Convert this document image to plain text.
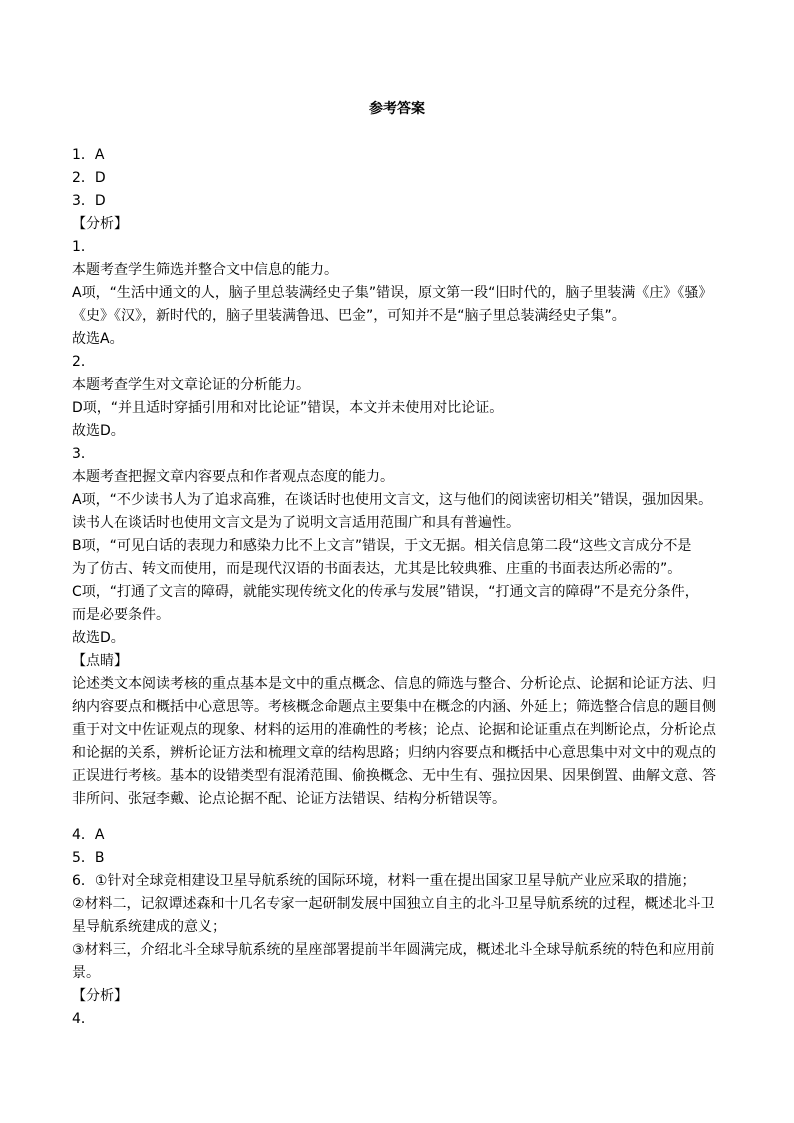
参考答案
1．A
2．D
3．D
【分析】
1．
本题考查学生筛选并整合文中信息的能力。
A项，“生活中通文的人，脑子里总装满经史子集”错误，原文第一段“旧时代的，脑子里装满《庄》《骚》
《史》《汉》，新时代的，脑子里装满鲁迅、巴金”，可知并不是“脑子里总装满经史子集”。
故选A。
2．
本题考查学生对文章论证的分析能力。
D项，“并且适时穿插引用和对比论证”错误，本文并未使用对比论证。
故选D。
3．
本题考查把握文章内容要点和作者观点态度的能力。
A项，“不少读书人为了追求高雅，在谈话时也使用文言文，这与他们的阅读密切相关”错误，强加因果。
读书人在谈话时也使用文言文是为了说明文言适用范围广和具有普遍性。
B项，“可见白话的表现力和感染力比不上文言”错误，于文无据。相关信息第二段“这些文言成分不是
为了仿古、转文而使用，而是现代汉语的书面表达，尤其是比较典雅、庄重的书面表达所必需的”。
C项，“打通了文言的障碍，就能实现传统文化的传承与发展”错误，“打通文言的障碍”不是充分条件，
而是必要条件。
故选D。
【点睛】
论述类文本阅读考核的重点基本是文中的重点概念、信息的筛选与整合、分析论点、论据和论证方法、归
纳内容要点和概括中心意思等。考核概念命题点主要集中在概念的内涵、外延上；筛选整合信息的题目侧
重于对文中佐证观点的现象、材料的运用的准确性的考核；论点、论据和论证重点在判断论点，分析论点
和论据的关系，辨析论证方法和梳理文章的结构思路；归纳内容要点和概括中心意思集中对文中的观点的
正误进行考核。基本的设错类型有混淆范围、偷换概念、无中生有、强拉因果、因果倒置、曲解文意、答
非所问、张冠李戴、论点论据不配、论证方法错误、结构分析错误等。
4．A
5．B
6．①针对全球竞相建设卫星导航系统的国际环境，材料一重在提出国家卫星导航产业应采取的措施；
②材料二，记叙谭述森和十几名专家一起研制发展中国独立自主的北斗卫星导航系统的过程，概述北斗卫
星导航系统建成的意义；
③材料三，介绍北斗全球导航系统的星座部署提前半年圆满完成，概述北斗全球导航系统的特色和应用前
景。
【分析】
4．
